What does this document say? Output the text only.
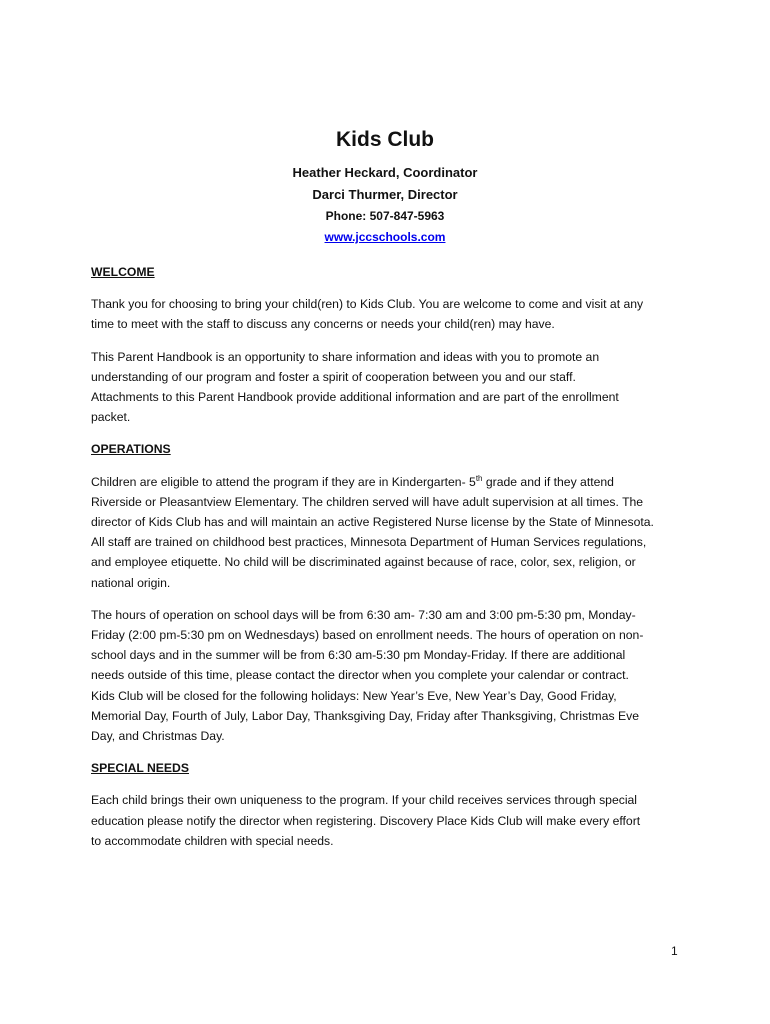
Kids Club
Heather Heckard, Coordinator
Darci Thurmer, Director
Phone: 507-847-5963
www.jccschools.com
WELCOME
Thank you for choosing to bring your child(ren) to Kids Club. You are welcome to come and visit at any
time to meet with the staff to discuss any concerns or needs your child(ren) may have.
This Parent Handbook is an opportunity to share information and ideas with you to promote an
understanding of our program and foster a spirit of cooperation between you and our staff.
Attachments to this Parent Handbook provide additional information and are part of the enrollment
packet.
OPERATIONS
Children are eligible to attend the program if they are in Kindergarten- 5th grade and if they attend
Riverside or Pleasantview Elementary. The children served will have adult supervision at all times. The
director of Kids Club has and will maintain an active Registered Nurse license by the State of Minnesota.
All staff are trained on childhood best practices, Minnesota Department of Human Services regulations,
and employee etiquette. No child will be discriminated against because of race, color, sex, religion, or
national origin.
The hours of operation on school days will be from 6:30 am- 7:30 am and 3:00 pm-5:30 pm, Monday-
Friday (2:00 pm-5:30 pm on Wednesdays) based on enrollment needs. The hours of operation on non-
school days and in the summer will be from 6:30 am-5:30 pm Monday-Friday. If there are additional
needs outside of this time, please contact the director when you complete your calendar or contract.
Kids Club will be closed for the following holidays: New Year’s Eve, New Year’s Day, Good Friday,
Memorial Day, Fourth of July, Labor Day, Thanksgiving Day, Friday after Thanksgiving, Christmas Eve
Day, and Christmas Day.
SPECIAL NEEDS
Each child brings their own uniqueness to the program. If your child receives services through special
education please notify the director when registering. Discovery Place Kids Club will make every effort
to accommodate children with special needs.
1
